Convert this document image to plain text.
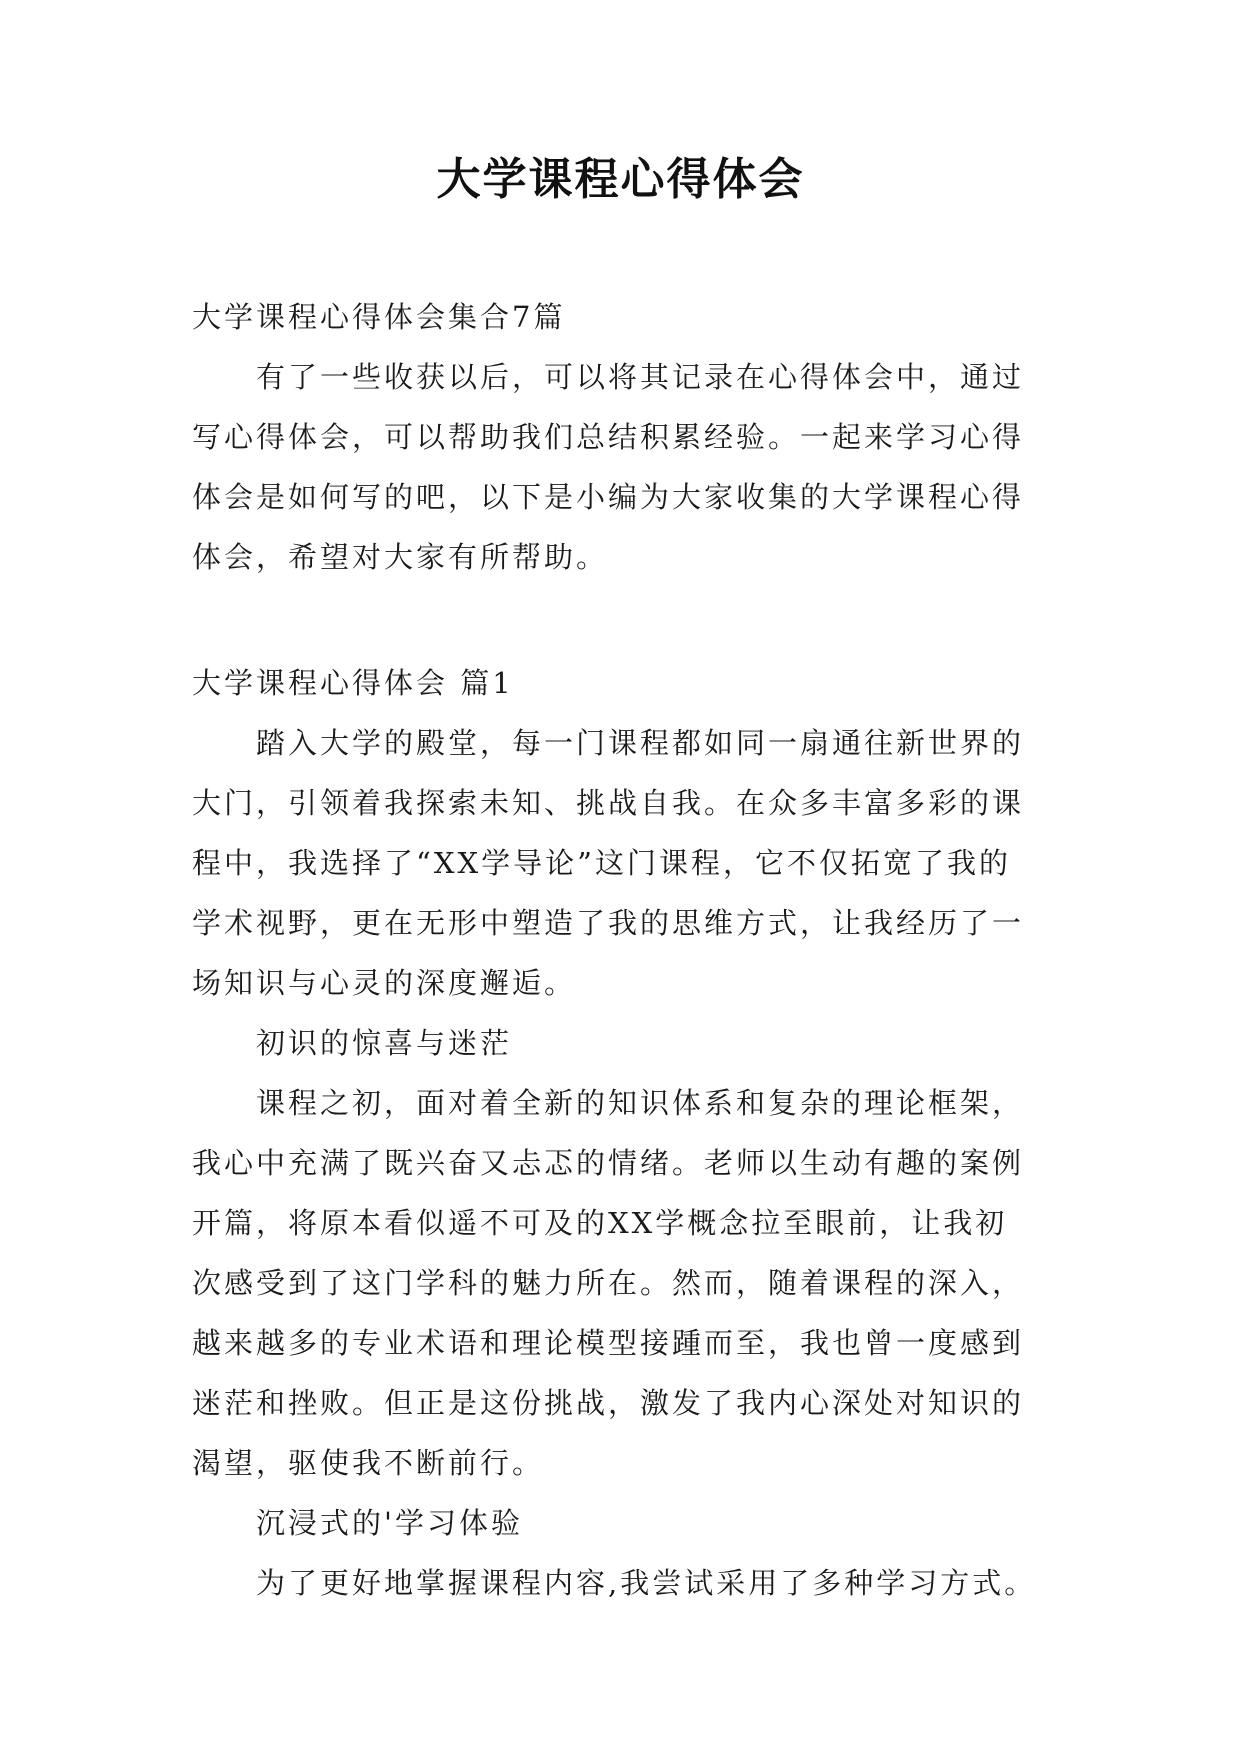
大学课程心得体会
大学课程心得体会集合7篇
有了一些收获以后，可以将其记录在心得体会中，通过
写心得体会，可以帮助我们总结积累经验。一起来学习心得
体会是如何写的吧，以下是小编为大家收集的大学课程心得
体会，希望对大家有所帮助。
大学课程心得体会 篇1
踏入大学的殿堂，每一门课程都如同一扇通往新世界的
大门，引领着我探索未知、挑战自我。在众多丰富多彩的课
程中，我选择了“XX学导论”这门课程，它不仅拓宽了我的
学术视野，更在无形中塑造了我的思维方式，让我经历了一
场知识与心灵的深度邂逅。
初识的惊喜与迷茫
课程之初，面对着全新的知识体系和复杂的理论框架，
我心中充满了既兴奋又忐忑的情绪。老师以生动有趣的案例
开篇，将原本看似遥不可及的XX学概念拉至眼前，让我初
次感受到了这门学科的魅力所在。然而，随着课程的深入，
越来越多的专业术语和理论模型接踵而至，我也曾一度感到
迷茫和挫败。但正是这份挑战，激发了我内心深处对知识的
渴望，驱使我不断前行。
沉浸式的'学习体验
为了更好地掌握课程内容,我尝试采用了多种学习方式。
